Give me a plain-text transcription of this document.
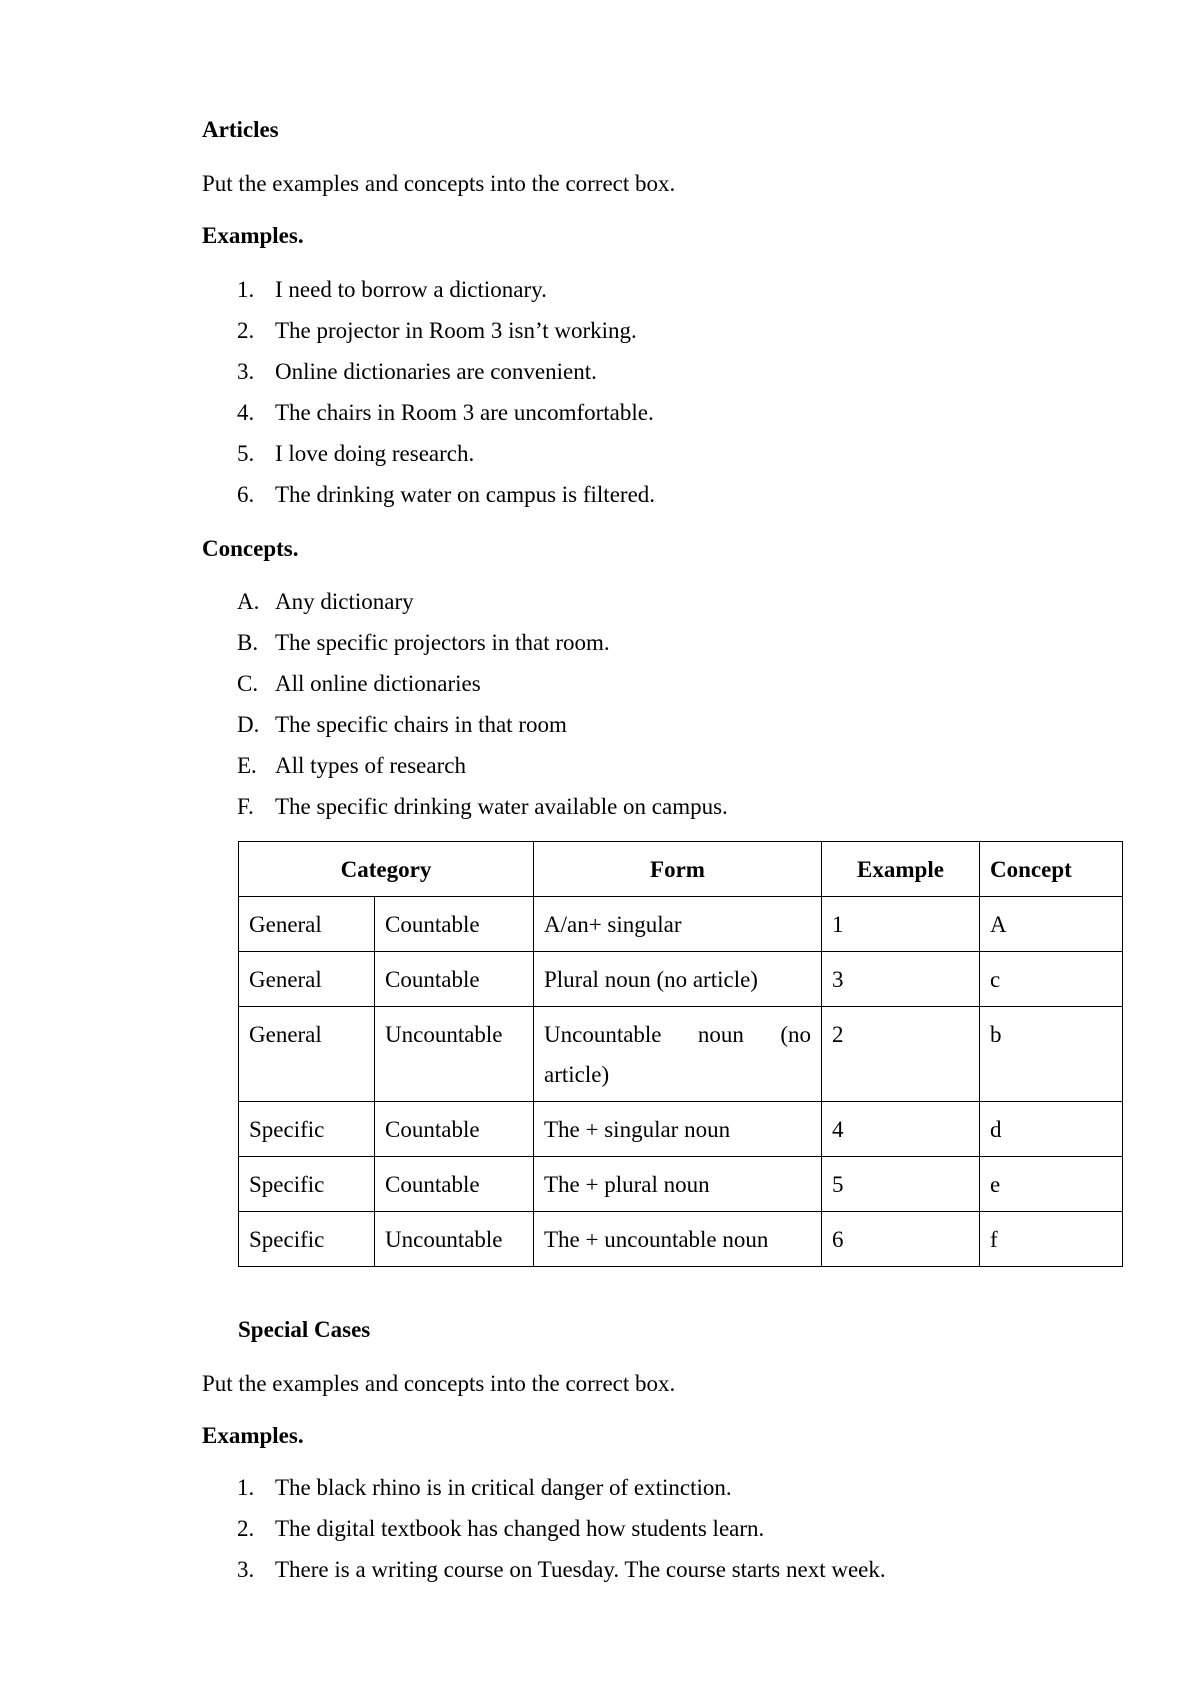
Articles
Put the examples and concepts into the correct box.
Examples.
1. I need to borrow a dictionary.
2. The projector in Room 3 isn’t working.
3. Online dictionaries are convenient.
4. The chairs in Room 3 are uncomfortable.
5. I love doing research.
6. The drinking water on campus is filtered.
Concepts.
A. Any dictionary
B. The specific projectors in that room.
C. All online dictionaries
D. The specific chairs in that room
E. All types of research
F. The specific drinking water available on campus.
Category		Form	Example	Concept
General	Countable	A/an+ singular	1	A
General	Countable	Plural noun (no article)	3	c
General	Uncountable	Uncountable noun (no article)	2	b
Specific	Countable	The + singular noun	4	d
Specific	Countable	The + plural noun	5	e
Specific	Uncountable	The + uncountable noun	6	f
Special Cases
Put the examples and concepts into the correct box.
Examples.
1. The black rhino is in critical danger of extinction.
2. The digital textbook has changed how students learn.
3. There is a writing course on Tuesday. The course starts next week.
